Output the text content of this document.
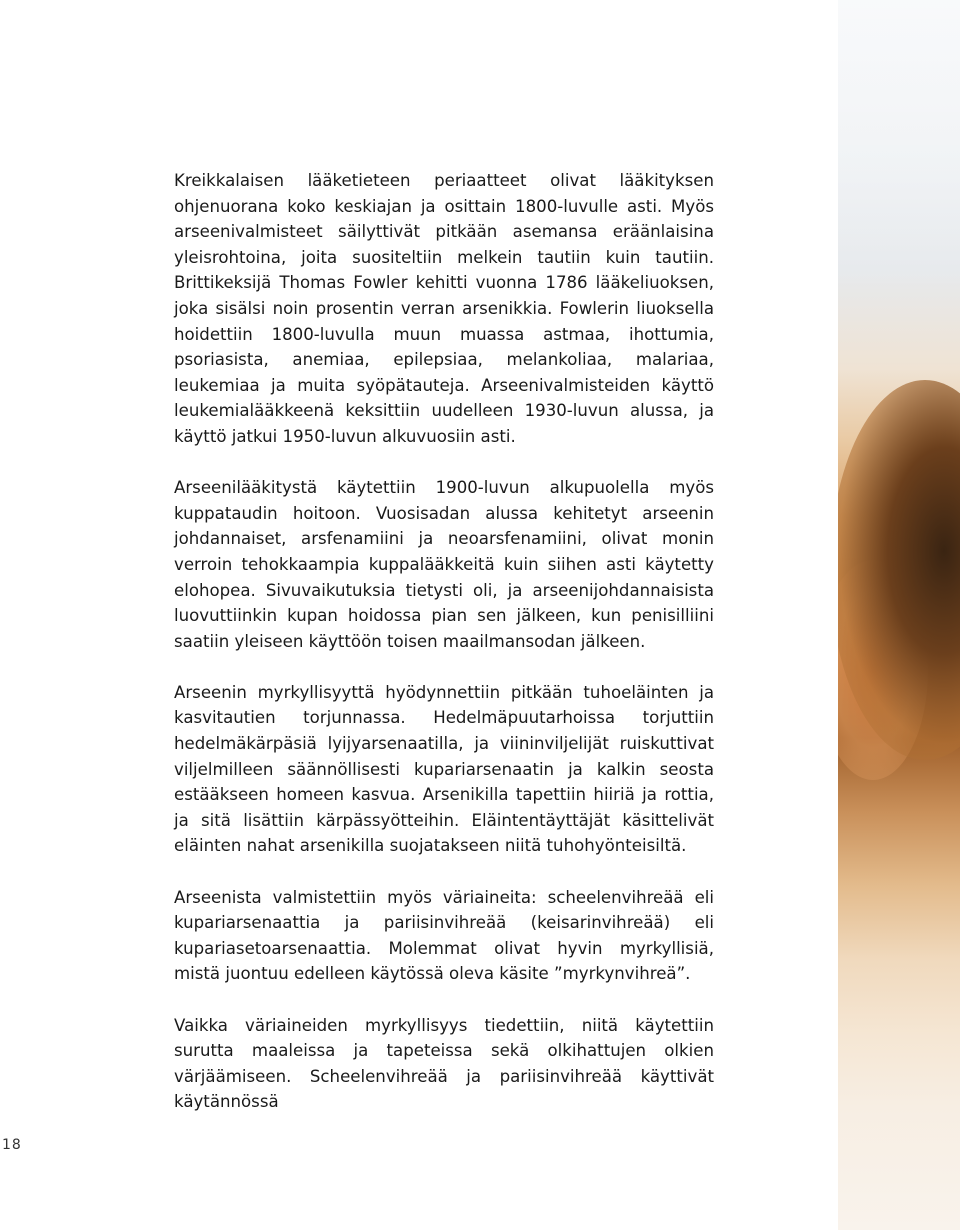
Kreikkalaisen lääketieteen periaatteet olivat lääkityksen ohjenuorana koko keskiajan ja osittain 1800-luvulle asti. Myös arseenivalmisteet säilyttivät pitkään asemansa eräänlaisina yleisrohtoina, joita suositeltiin melkein tautiin kuin tautiin. Brittikeksijä Thomas Fowler kehitti vuonna 1786 lääkeliuoksen, joka sisälsi noin prosentin verran arsenikkia. Fowlerin liuoksella hoidettiin 1800-luvulla muun muassa astmaa, ihottumia, psoriasista, anemiaa, epilepsiaa, melankoliaa, malariaa, leukemiaa ja muita syöpätauteja. Arseenivalmisteiden käyttö leukemialääkkeenä keksittiin uudelleen 1930-luvun alussa, ja käyttö jatkui 1950-luvun alkuvuosiin asti.

Arseenilääkitystä käytettiin 1900-luvun alkupuolella myös kuppataudin hoitoon. Vuosisadan alussa kehitetyt arseenin johdannaiset, arsfenamiini ja neoarsfenamiini, olivat monin verroin tehokkaampia kuppalääkkeitä kuin siihen asti käytetty elohopea. Sivuvaikutuksia tietysti oli, ja arseenijohdannaisista luovuttiinkin kupan hoidossa pian sen jälkeen, kun penisilliini saatiin yleiseen käyttöön toisen maailmansodan jälkeen.

Arseenin myrkyllisyyttä hyödynnettiin pitkään tuhoeläinten ja kasvitautien torjunnassa. Hedelmäpuutarhoissa torjuttiin hedelmäkärpäsiä lyijyarsenaatilla, ja viininviljelijät ruiskuttivat viljelmilleen säännöllisesti kupariarsenaatin ja kalkin seosta estääkseen homeen kasvua. Arsenikilla tapettiin hiiriä ja rottia, ja sitä lisättiin kärpässyötteihin. Eläintentäyttäjät käsittelivät eläinten nahat arsenikilla suojatakseen niitä tuhohyönteisiltä.

Arseenista valmistettiin myös väriaineita: scheelenvihreää eli kupariarsenaattia ja pariisinvihreää (keisarinvihreää) eli kupariasetoarsenaattia. Molemmat olivat hyvin myrkyllisiä, mistä juontuu edelleen käytössä oleva käsite ”myrkynvihreä”.

Vaikka väriaineiden myrkyllisyys tiedettiin, niitä käytettiin surutta maaleissa ja tapeteissa sekä olkihattujen olkien värjäämiseen. Scheelenvihreää ja pariisinvihreää käyttivät käytännössä

18
